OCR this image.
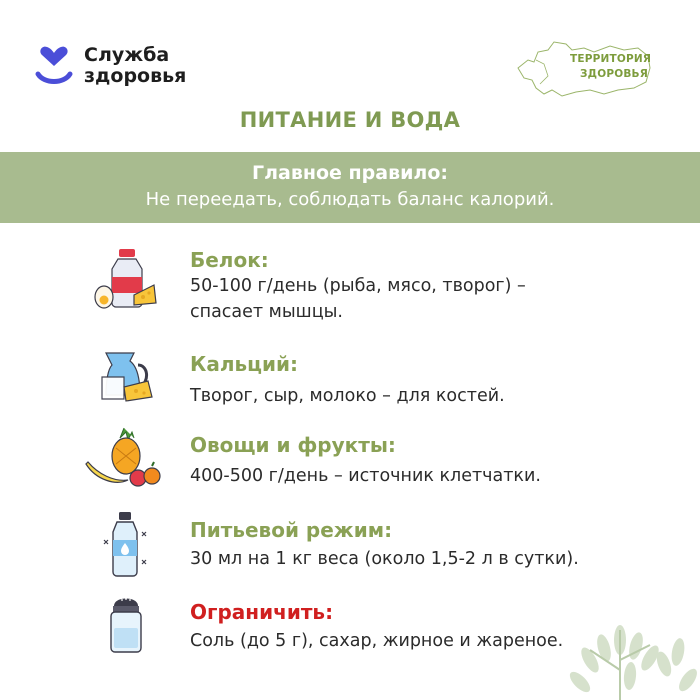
Служба
здоровья
ТЕРРИТОРИЯ
ЗДОРОВЬЯ
ПИТАНИЕ И ВОДА
Главное правило:
Не переедать, соблюдать баланс калорий.
Белок:
50-100 г/день (рыба, мясо, творог) –
спасает мышцы.
Кальций:
Творог, сыр, молоко – для костей.
Овощи и фрукты:
400-500 г/день – источник клетчатки.
Питьевой режим:
30 мл на 1 кг веса (около 1,5-2 л в сутки).
Ограничить:
Соль (до 5 г), сахар, жирное и жареное.
